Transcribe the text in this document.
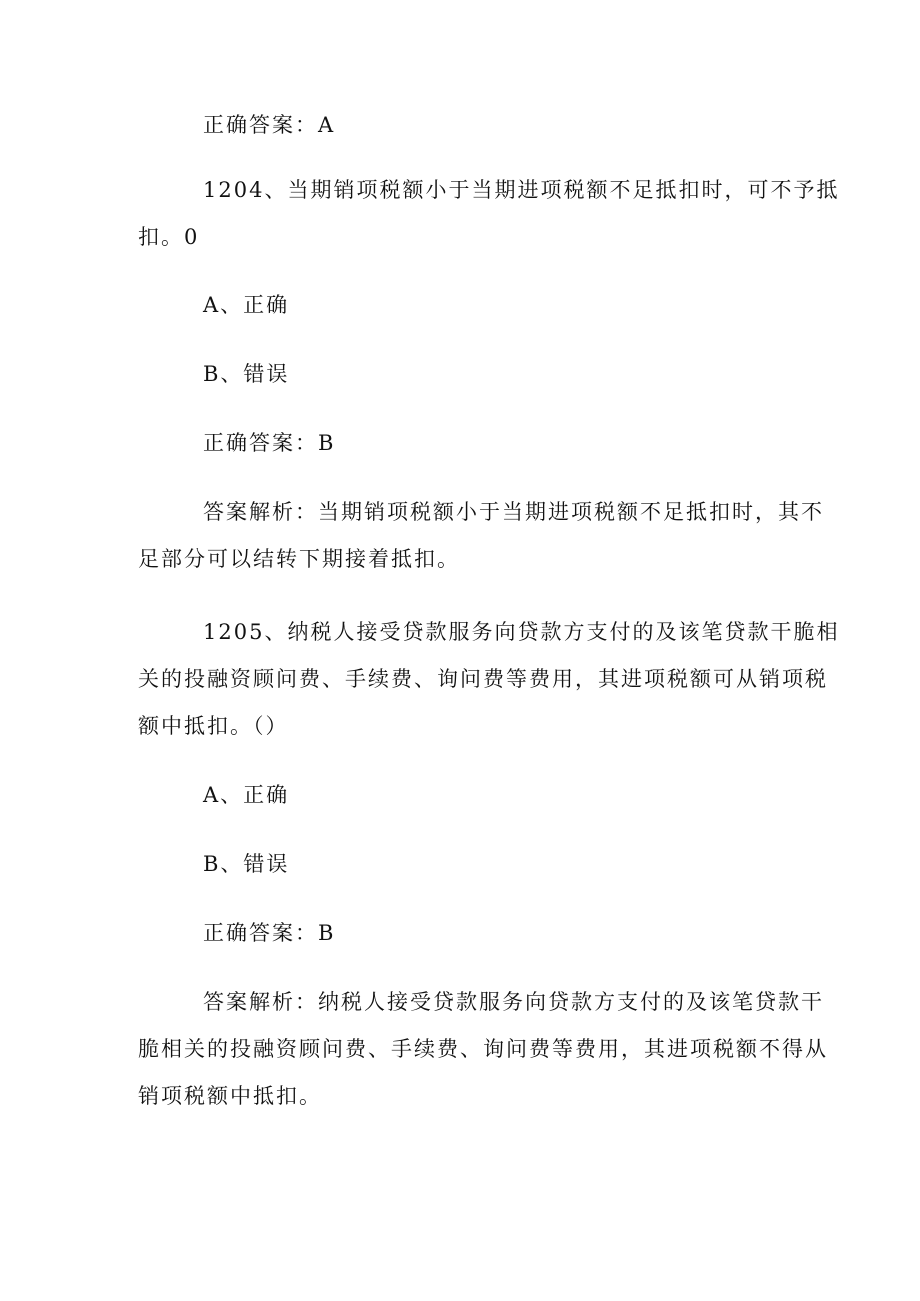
正确答案：A
1204、当期销项税额小于当期进项税额不足抵扣时，可不予抵
扣。0
A、正确
B、错误
正确答案：B
答案解析：当期销项税额小于当期进项税额不足抵扣时，其不
足部分可以结转下期接着抵扣。
1205、纳税人接受贷款服务向贷款方支付的及该笔贷款干脆相
关的投融资顾问费、手续费、询问费等费用，其进项税额可从销项税
额中抵扣。（）
A、正确
B、错误
正确答案：B
答案解析：纳税人接受贷款服务向贷款方支付的及该笔贷款干
脆相关的投融资顾问费、手续费、询问费等费用，其进项税额不得从
销项税额中抵扣。
